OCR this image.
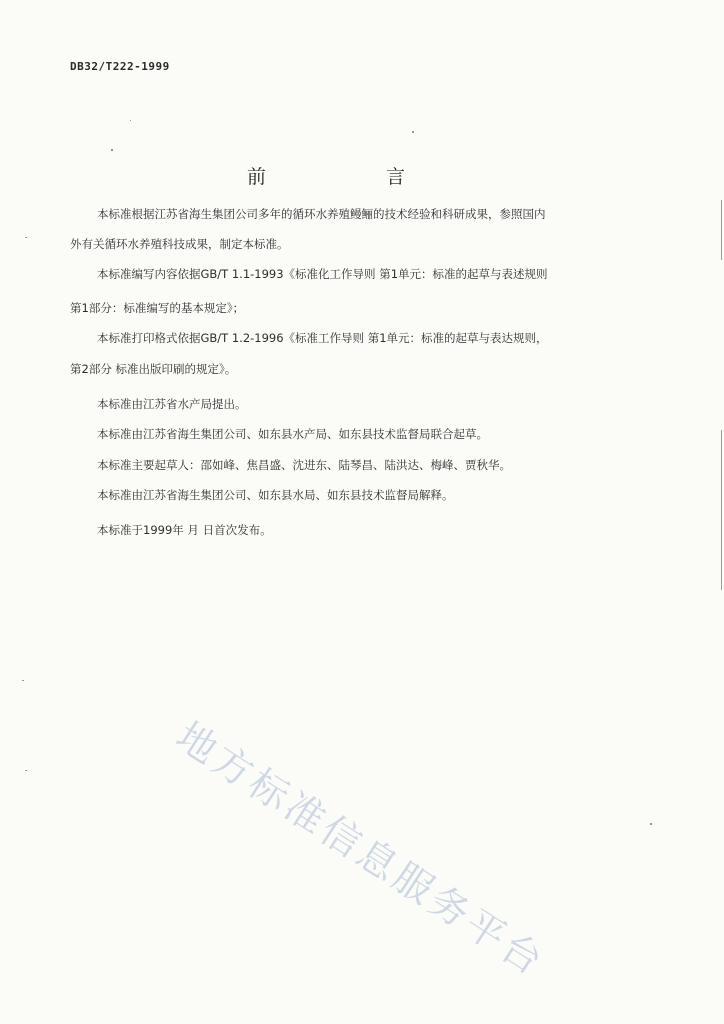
DB32/T222-1999
前	言
本标准根据江苏省海生集团公司多年的循环水养殖鳗鲡的技术经验和科研成果，参照国内
外有关循环水养殖科技成果，制定本标准。
本标准编写内容依据GB/T 1.1-1993《标准化工作导则 第1单元：标准的起草与表述规则
第1部分：标准编写的基本规定》；
本标准打印格式依据GB/T 1.2-1996《标准工作导则 第1单元：标准的起草与表达规则，
第2部分 标准出版印刷的规定》。
本标准由江苏省水产局提出。
本标准由江苏省海生集团公司、如东县水产局、如东县技术监督局联合起草。
本标准主要起草人：邵如峰、焦昌盛、沈进东、陆琴昌、陆洪达、梅峰、贾秋华。
本标准由江苏省海生集团公司、如东县水局、如东县技术监督局解释。
本标准于1999年 月 日首次发布。
地方标准信息服务平台
